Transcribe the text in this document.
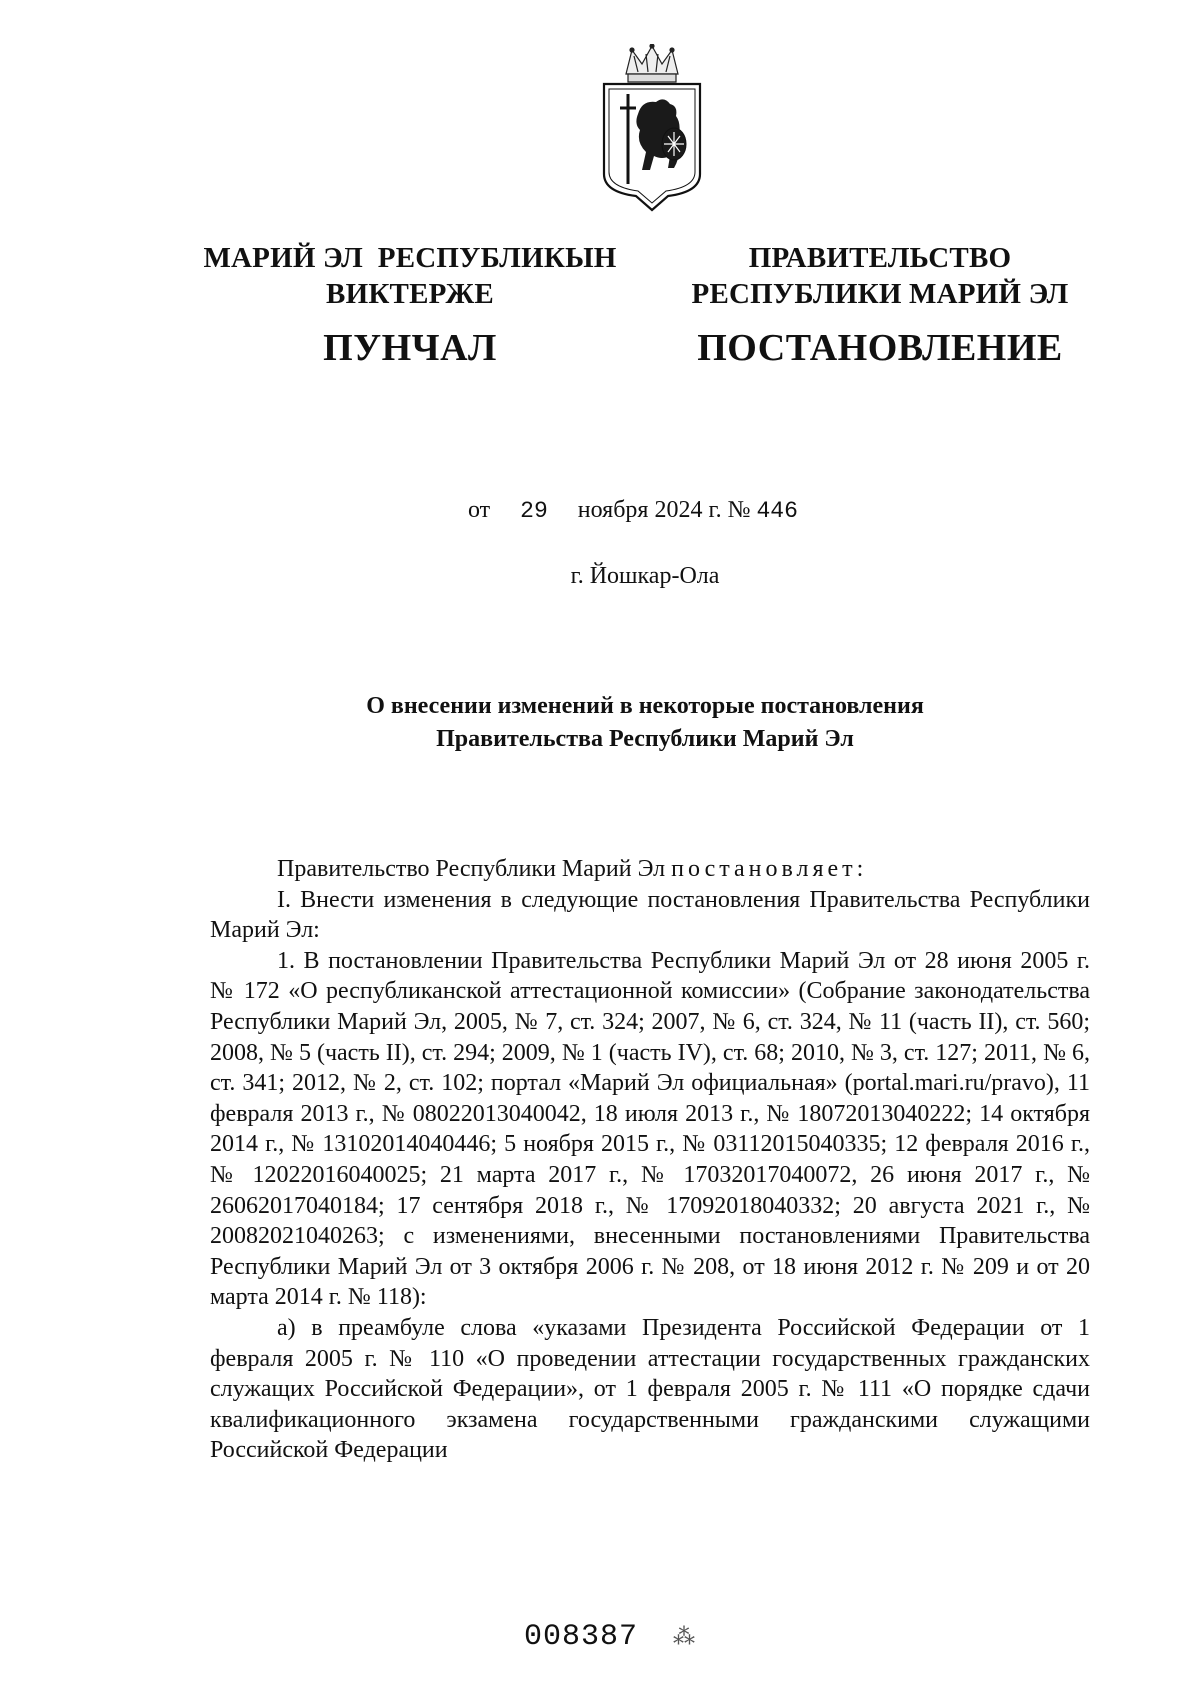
МАРИЙ ЭЛ  РЕСПУБЛИКЫН
ВИКТЕРЖЕ
ПУНЧАЛ
ПРАВИТЕЛЬСТВО
РЕСПУБЛИКИ МАРИЙ ЭЛ
ПОСТАНОВЛЕНИЕ
от 29 ноября 2024 г. № 446
г. Йошкар-Ола
О внесении изменений в некоторые постановления
Правительства Республики Марий Эл

Правительство Республики Марий Эл постановляет:

I. Внести изменения в следующие постановления Правительства Республики Марий Эл:

1. В постановлении Правительства Республики Марий Эл от 28 июня 2005 г. № 172 «О республиканской аттестационной комиссии» (Собрание законодательства Республики Марий Эл, 2005, № 7, ст. 324; 2007, № 6, ст. 324, № 11 (часть II), ст. 560; 2008, № 5 (часть II), ст. 294; 2009, № 1 (часть IV), ст. 68; 2010, № 3, ст. 127; 2011, № 6, ст. 341; 2012, № 2, ст. 102; портал «Марий Эл официальная» (portal.mari.ru/pravo), 11 февраля 2013 г., № 08022013040042, 18 июля 2013 г., № 18072013040222; 14 октября 2014 г., № 13102014040446; 5 ноября 2015 г., № 03112015040335; 12 февраля 2016 г., № 12022016040025; 21 марта 2017 г., № 17032017040072, 26 июня 2017 г., № 26062017040184; 17 сентября 2018 г., № 17092018040332; 20 августа 2021 г., № 20082021040263; с изменениями, внесенными постановлениями Правительства Республики Марий Эл от 3 октября 2006 г. № 208, от 18 июня 2012 г. № 209 и от 20 марта 2014 г. № 118):

а) в преамбуле слова «указами Президента Российской Федерации от 1 февраля 2005 г. № 110 «О проведении аттестации государственных гражданских служащих Российской Федерации», от 1 февраля 2005 г. № 111 «О порядке сдачи квалификационного экзамена государственными гражданскими служащими Российской Федерации

008387 ⁂
